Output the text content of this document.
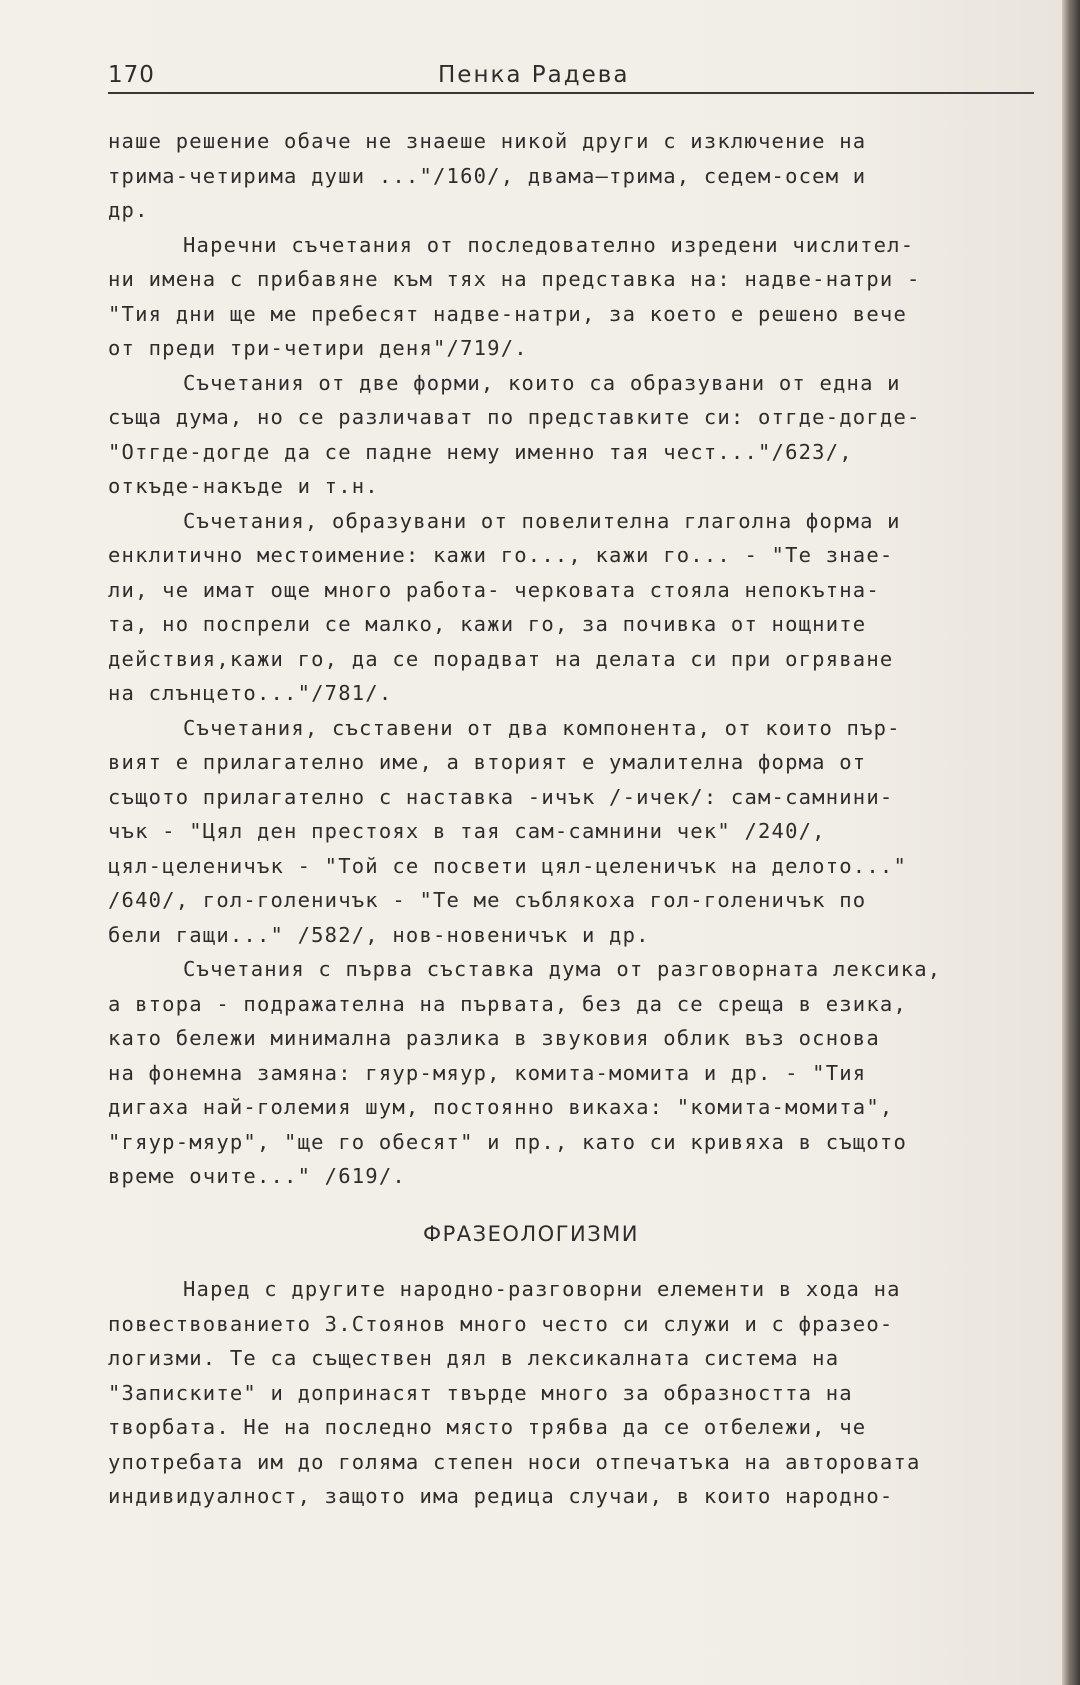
170	Пенка Радева
наше решение обаче не знаеше никой други с изключение на
трима-четирима души ..."/160/, двама—трима, седем-осем и
др.
Наречни съчетания от последователно изредени числител-
ни имена с прибавяне към тях на представка на: надве-натри -
"Тия дни ще ме пребесят надве-натри, за което е решено вече
от преди три-четири деня"/719/.
Съчетания от две форми, които са образувани от една и
съща дума, но се различават по представките си: отгде-догде-
"Отгде-догде да се падне нему именно тая чест..."/623/,
откъде-накъде и т.н.
Съчетания, образувани от повелителна глаголна форма и
енклитично местоимение: кажи го..., кажи го... - "Те знае-
ли, че имат още много работа- черковата стояла непокътна-
та, но поспрели се малко, кажи го, за почивка от нощните
действия,кажи го, да се порадват на делата си при огряване
на слънцето..."/781/.
Съчетания, съставени от два компонента, от които пър-
вият е прилагателно име, а вторият е умалителна форма от
същото прилагателно с наставка -ичък /-ичек/: сам-самнини-
чък - "Цял ден престоях в тая сам-самнини чек" /240/,
цял-целеничък - "Той се посвети цял-целеничък на делото..."
/640/, гол-голеничък - "Те ме съблякоха гол-голеничък по
бели гащи..." /582/, нов-новеничък и др.
Съчетания с първа съставка дума от разговорната лексика,
а втора - подражателна на първата, без да се среща в езика,
като бележи минимална разлика в звуковия облик въз основа
на фонемна замяна: гяур-мяур, комита-момита и др. - "Тия
дигаха най-големия шум, постоянно викаха: "комита-момита",
"гяур-мяур", "ще го обесят" и пр., като си кривяха в същото
време очите..." /619/.
ФРАЗЕОЛОГИЗМИ
Наред с другите народно-разговорни елементи в хода на
повествованието З.Стоянов много често си служи и с фразео-
логизми. Те са съществен дял в лексикалната система на
"Записките" и допринасят твърде много за образността на
творбата. Не на последно място трябва да се отбележи, че
употребата им до голяма степен носи отпечатъка на авторовата
индивидуалност, защото има редица случаи, в които народно-
